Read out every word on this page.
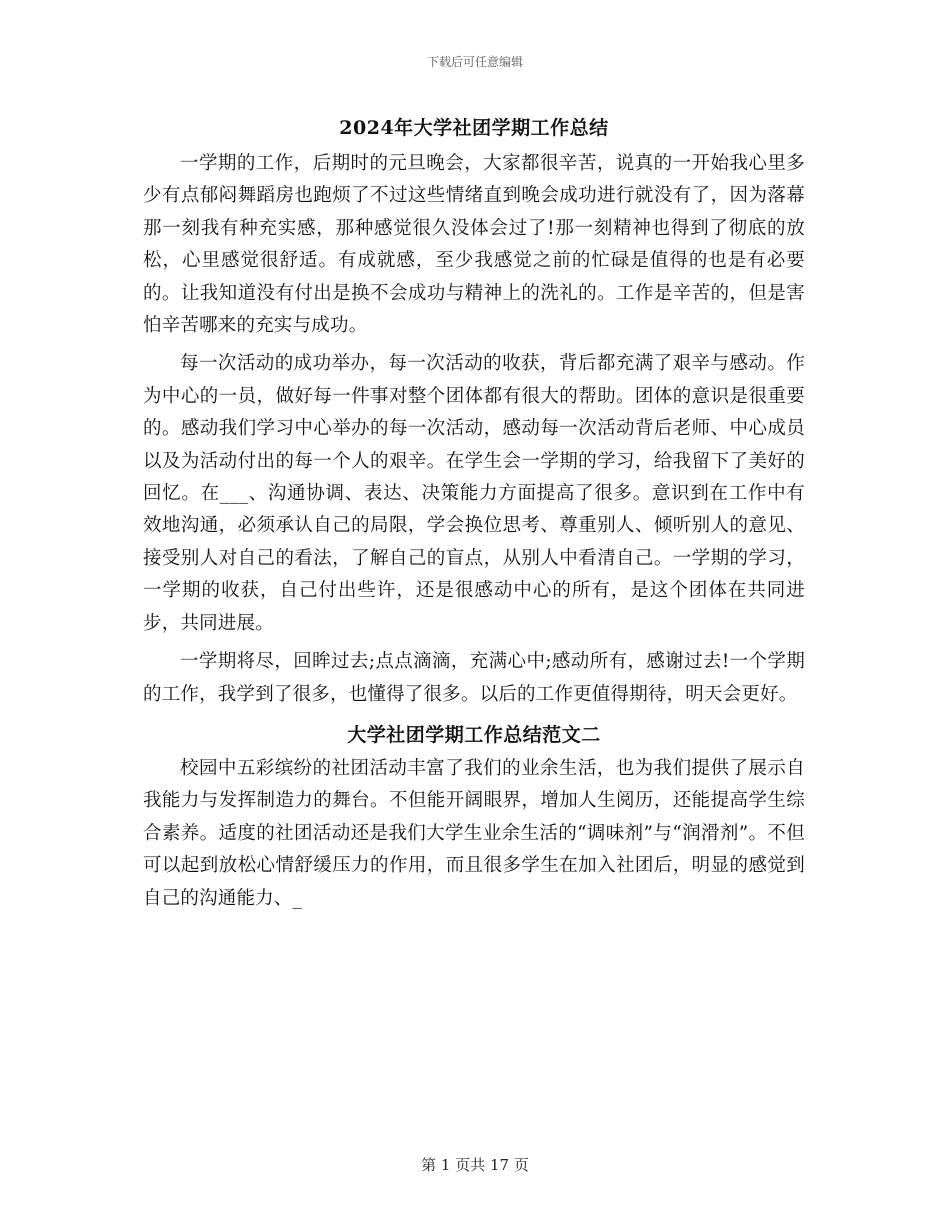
下载后可任意编辑
2024年大学社团学期工作总结

一学期的工作，后期时的元旦晚会，大家都很辛苦，说真的一开始我心里多少有点郁闷舞蹈房也跑烦了不过这些情绪直到晚会成功进行就没有了，因为落幕那一刻我有种充实感，那种感觉很久没体会过了!那一刻精神也得到了彻底的放松，心里感觉很舒适。有成就感，至少我感觉之前的忙碌是值得的也是有必要的。让我知道没有付出是换不会成功与精神上的洗礼的。工作是辛苦的，但是害怕辛苦哪来的充实与成功。

每一次活动的成功举办，每一次活动的收获，背后都充满了艰辛与感动。作为中心的一员，做好每一件事对整个团体都有很大的帮助。团体的意识是很重要的。感动我们学习中心举办的每一次活动，感动每一次活动背后老师、中心成员以及为活动付出的每一个人的艰辛。在学生会一学期的学习，给我留下了美好的回忆。在___、沟通协调、表达、决策能力方面提高了很多。意识到在工作中有效地沟通，必须承认自己的局限，学会换位思考、尊重别人、倾听别人的意见、接受别人对自己的看法，了解自己的盲点，从别人中看清自己。一学期的学习，一学期的收获，自己付出些许，还是很感动中心的所有，是这个团体在共同进步，共同进展。

一学期将尽，回眸过去;点点滴滴，充满心中;感动所有，感谢过去!一个学期的工作，我学到了很多，也懂得了很多。以后的工作更值得期待，明天会更好。

大学社团学期工作总结范文二

校园中五彩缤纷的社团活动丰富了我们的业余生活，也为我们提供了展示自我能力与发挥制造力的舞台。不但能开阔眼界，增加人生阅历，还能提高学生综合素养。适度的社团活动还是我们大学生业余生活的“调味剂”与“润滑剂”。不但可以起到放松心情舒缓压力的作用，而且很多学生在加入社团后，明显的感觉到自己的沟通能力、_

第 1 页共 17 页
